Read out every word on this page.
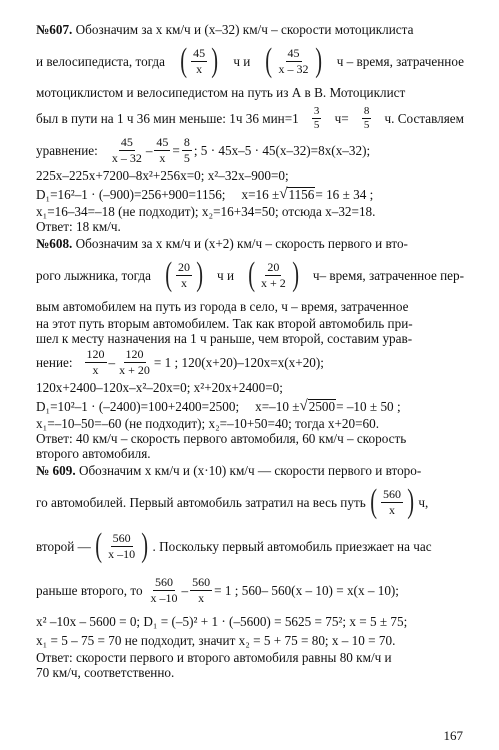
№607. Обозначим за x км/ч и (x–32) км/ч – скорости мотоциклиста
и велосипедиста, тогда ( $\frac{45}{x}$ ) ч и ( $\frac{45}{x - 32}$ ) ч – время, затраченное
мотоциклистом и велосипедистом на путь из А в В. Мотоциклист
был в пути на 1 ч 36 мин меньше: 1ч 36 $мин=1 \frac{3}{5} ч= \frac{8}{5} ч$. Составляем
уравнение: $\frac{45}{x - 32} - \frac{45}{x} = \frac{8}{5}$ ; 5 · 45x–5 · 45(x–32)=8x(x–32);
225x–225x+7200–8x²+256x=0; x²–32x–900=0;
D₁=16²–1 · (–900)=256+900=1156; x=16 ± √ 1156 = 16 ± 34 ;
x₁=16–34=–18 (не подходит); x₂=16+34=50; отсюда x–32=18.
Ответ: 18 км/ч.
№608. Обозначим за x км/ч и (x+2) км/ч – скорость первого и вто-
рого лыжника, тогда ( $\frac{20}{x}$ ) ч и ( $\frac{20}{x + 2}$ ) ч– время, затраченное пер-
вым автомобилем на путь из города в село, ч – время, затраченное
на этот путь вторым автомобилем. Так как второй автомобиль при-
шел к месту назначения на 1 ч раньше, чем второй, составим урав-
нение: $\frac{120}{x} - \frac{120}{x + 20} = 1$ ; 120(x+20)–120x=x(x+20);
120x+2400–120x–x²–20x=0; x²+20x+2400=0;
D₁=10²–1 · (–2400)=100+2400=2500; x=–10 ± √ 2500 = –10 ± 50 ;
x₁=–10–50=–60 (не подходит); x₂=–10+50=40; тогда x+20=60.
Ответ: 40 км/ч – скорость первого автомобиля, 60 км/ч – скорость
второго автомобиля.
№ 609. Обозначим x км/ч и (x·10) км/ч — скорости первого и второ-
го автомобилей. Первый автомобиль затратил на весь путь ( $\frac{560}{x}$ ) ч,
второй — ( $\frac{560}{x -10}$ ) . Поскольку первый автомобиль приезжает на час
раньше второго, то $\frac{560}{x -10} - \frac{560}{x} = 1$ ; 560– 560(x – 10) = x(x – 10);
x² –10x – 5600 = 0; D₁ = (–5)² + 1 · (–5600) = 5625 = 75²; x = 5 ± 75;
x₁ = 5 – 75 = 70 не подходит, значит x₂ = 5 + 75 = 80; x – 10 = 70.
Ответ: скорости первого и второго автомобиля равны 80 км/ч и
70 км/ч, соответственно.
167
